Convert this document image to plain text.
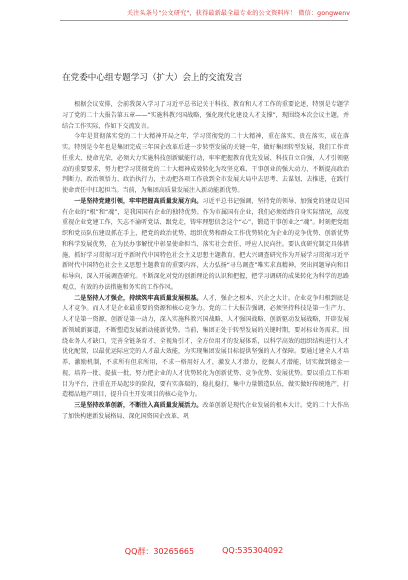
关注头条号"公文研究"，获得最新最全最专业的公文资料库！ 微信：gongwenv
在党委中心组专题学习（扩大）会上的交流发言

根据会议安排，会前我深入学习了习近平总书记关于科技、教育和人才工作的重要论述，特别是专题学习了党的二十大报告第五章——“实施科教兴国战略，强化现代化建设人才支撑”，现围绕本次会议主题，并结合工作实际，作如下交流发言。

今年是贯彻落实党的二十大精神开局之年，学习贯彻党的二十大精神，重在落实、贵在落实，成在落实。特别是今年也是集团完成三年国企改革后进一步转型发展的关键一年，做好集团转型发展，我们工作责任重大、使命光荣，必须大力实施科技创新赋能行动，牢牢把握教育优先发展、科技自立自强，人才引领驱动的重要要求，努力把学习贯彻党的二十大精神成效转化为攻坚克难、干事创业的强大动力，不断提高政治判断力、政治领悟力、政治执行力，主动把各项工作放到全市发展大局中去思考、去谋划、去推进，在践行使命责任中扛起担当。当前，为集团高质量发展注入新动能新优势。

一是坚持党建引领，牢牢把握高质量发展方向。习近平总书记强调，坚持党的领导、加强党的建设是国有企业的“根”和“魂”，是我国国有企业的独特优势。作为市属国有企业，我们必须始终自身实际情况，高度重视企业党建工作，矢志不渝听党话、跟党走，铸牢理想信念这个“心”，锻造干事创业之“魂”。时刻把党组织和党员队伍建设抓在手上，把党的政治优势、组织优势和群众工作优势转化为企业的竞争优势、创新优势和科学发展优势，在为民办事解忧中彰显使命担当、落实社会责任、呼应人民向往。要认真研究制定具体措施，抓好学习贯彻习近平新时代中国特色社会主义思想主题教育，把大兴调查研究作为开展学习贯彻习近平新时代中国特色社会主义思想主题教育的重要内容，大力弘扬“寻乌调查”唯实求真精神，突出问题导向和目标导向，深入开展调查研究。不断深化对党的创新理论的认识和把握，把学习调研的成果转化为科学的思路观点，有效的办法措施和务实的工作作风。

二是坚持人才强企，持续筑牢高质量发展根基。人才，强企之根本、兴企之大计。企业竞争归根到底是人才竞争。而人才是企业最重要的资源和核心竞争力。党的二十大报告强调，必须坚持科技是第一生产力、人才是第一资源、创新是第一动力，深入实施科教兴国战略、人才强国战略、创新驱动发展战略，开辟发展新领域新赛道，不断塑造发展新动能新优势。当前，集团正处于转型发展的关键时期，要对标业务需求、围绕业务人才缺口，完善全链条育才、全视角引才、全方位用才的发展体系，以科学高效的组织结构进行人才优化配置，以最优运际应完的人才最大效能，为实现集团发展目标提供坚强的人才保障。要通过建全人才培养、激励机制，不求所有但求所用，不求一格用好人才，激发人才潜力，挖掘人才潜能，切实做到德金一视，培养一批、提拔一批，努力把企业的人才优势转化为创新优势、竞争优势、发展优势。要以重点工作项目为平台，注重在开局起步的阶段，要有实落瑞的，稳扎稳打，集中力量锻造队伍，做实做好传统地产，打造精品地产项目，提升自主开发项目的核心竞争力。

三是坚持改革创新，不断注入高质量发展活力。改革创新是现代企业发展的根本大计。党的二十大作出了加快构建新发展格局、深化国资国企改革、巩

QQ群：30265665	QQ:535304092
